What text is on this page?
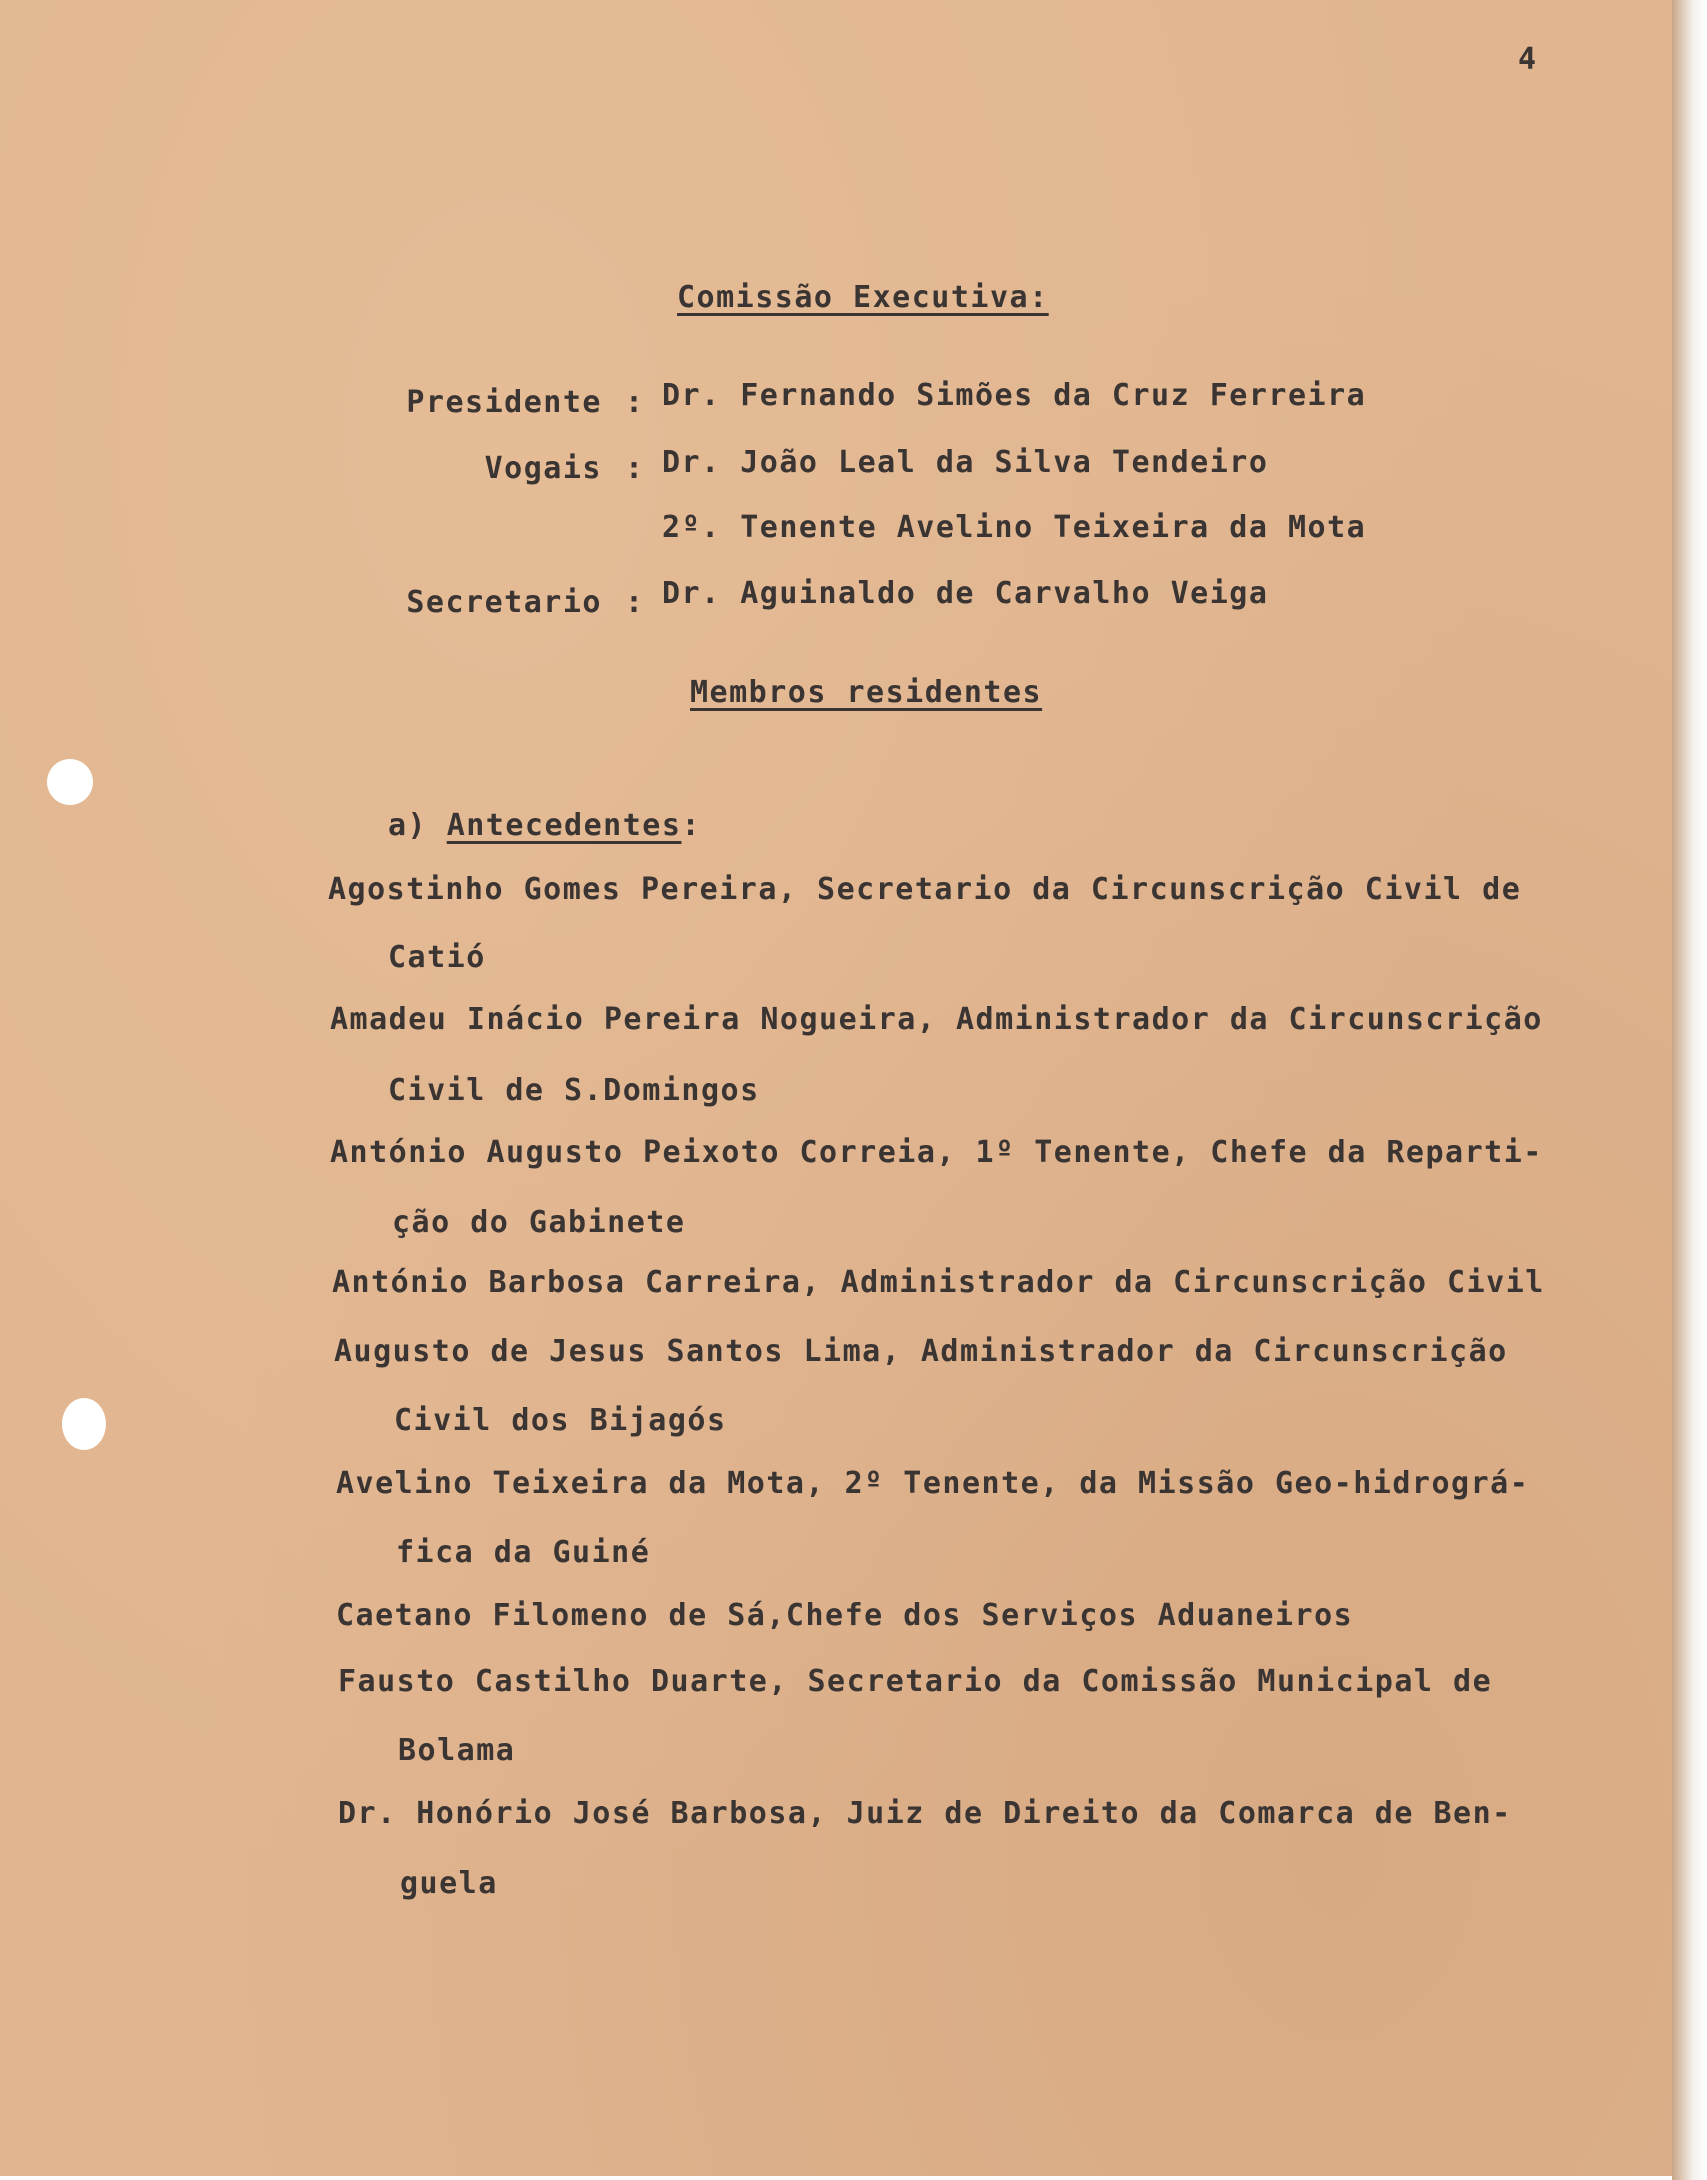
4
Comissão Executiva:
Presidente : Dr. Fernando Simões da Cruz Ferreira
Vogais : Dr. João Leal da Silva Tendeiro
2º. Tenente Avelino Teixeira da Mota
Secretario : Dr. Aguinaldo de Carvalho Veiga
Membros residentes
a) Antecedentes:
Agostinho Gomes Pereira, Secretario da Circunscrição Civil de
Catió
Amadeu Inácio Pereira Nogueira, Administrador da Circunscrição
Civil de S.Domingos
António Augusto Peixoto Correia, 1º Tenente, Chefe da Reparti-
ção do Gabinete
António Barbosa Carreira, Administrador da Circunscrição Civil
Augusto de Jesus Santos Lima, Administrador da Circunscrição
Civil dos Bijagós
Avelino Teixeira da Mota, 2º Tenente, da Missão Geo-hidrográ-
fica da Guiné
Caetano Filomeno de Sá,Chefe dos Serviços Aduaneiros
Fausto Castilho Duarte, Secretario da Comissão Municipal de
Bolama
Dr. Honório José Barbosa, Juiz de Direito da Comarca de Ben-
guela
